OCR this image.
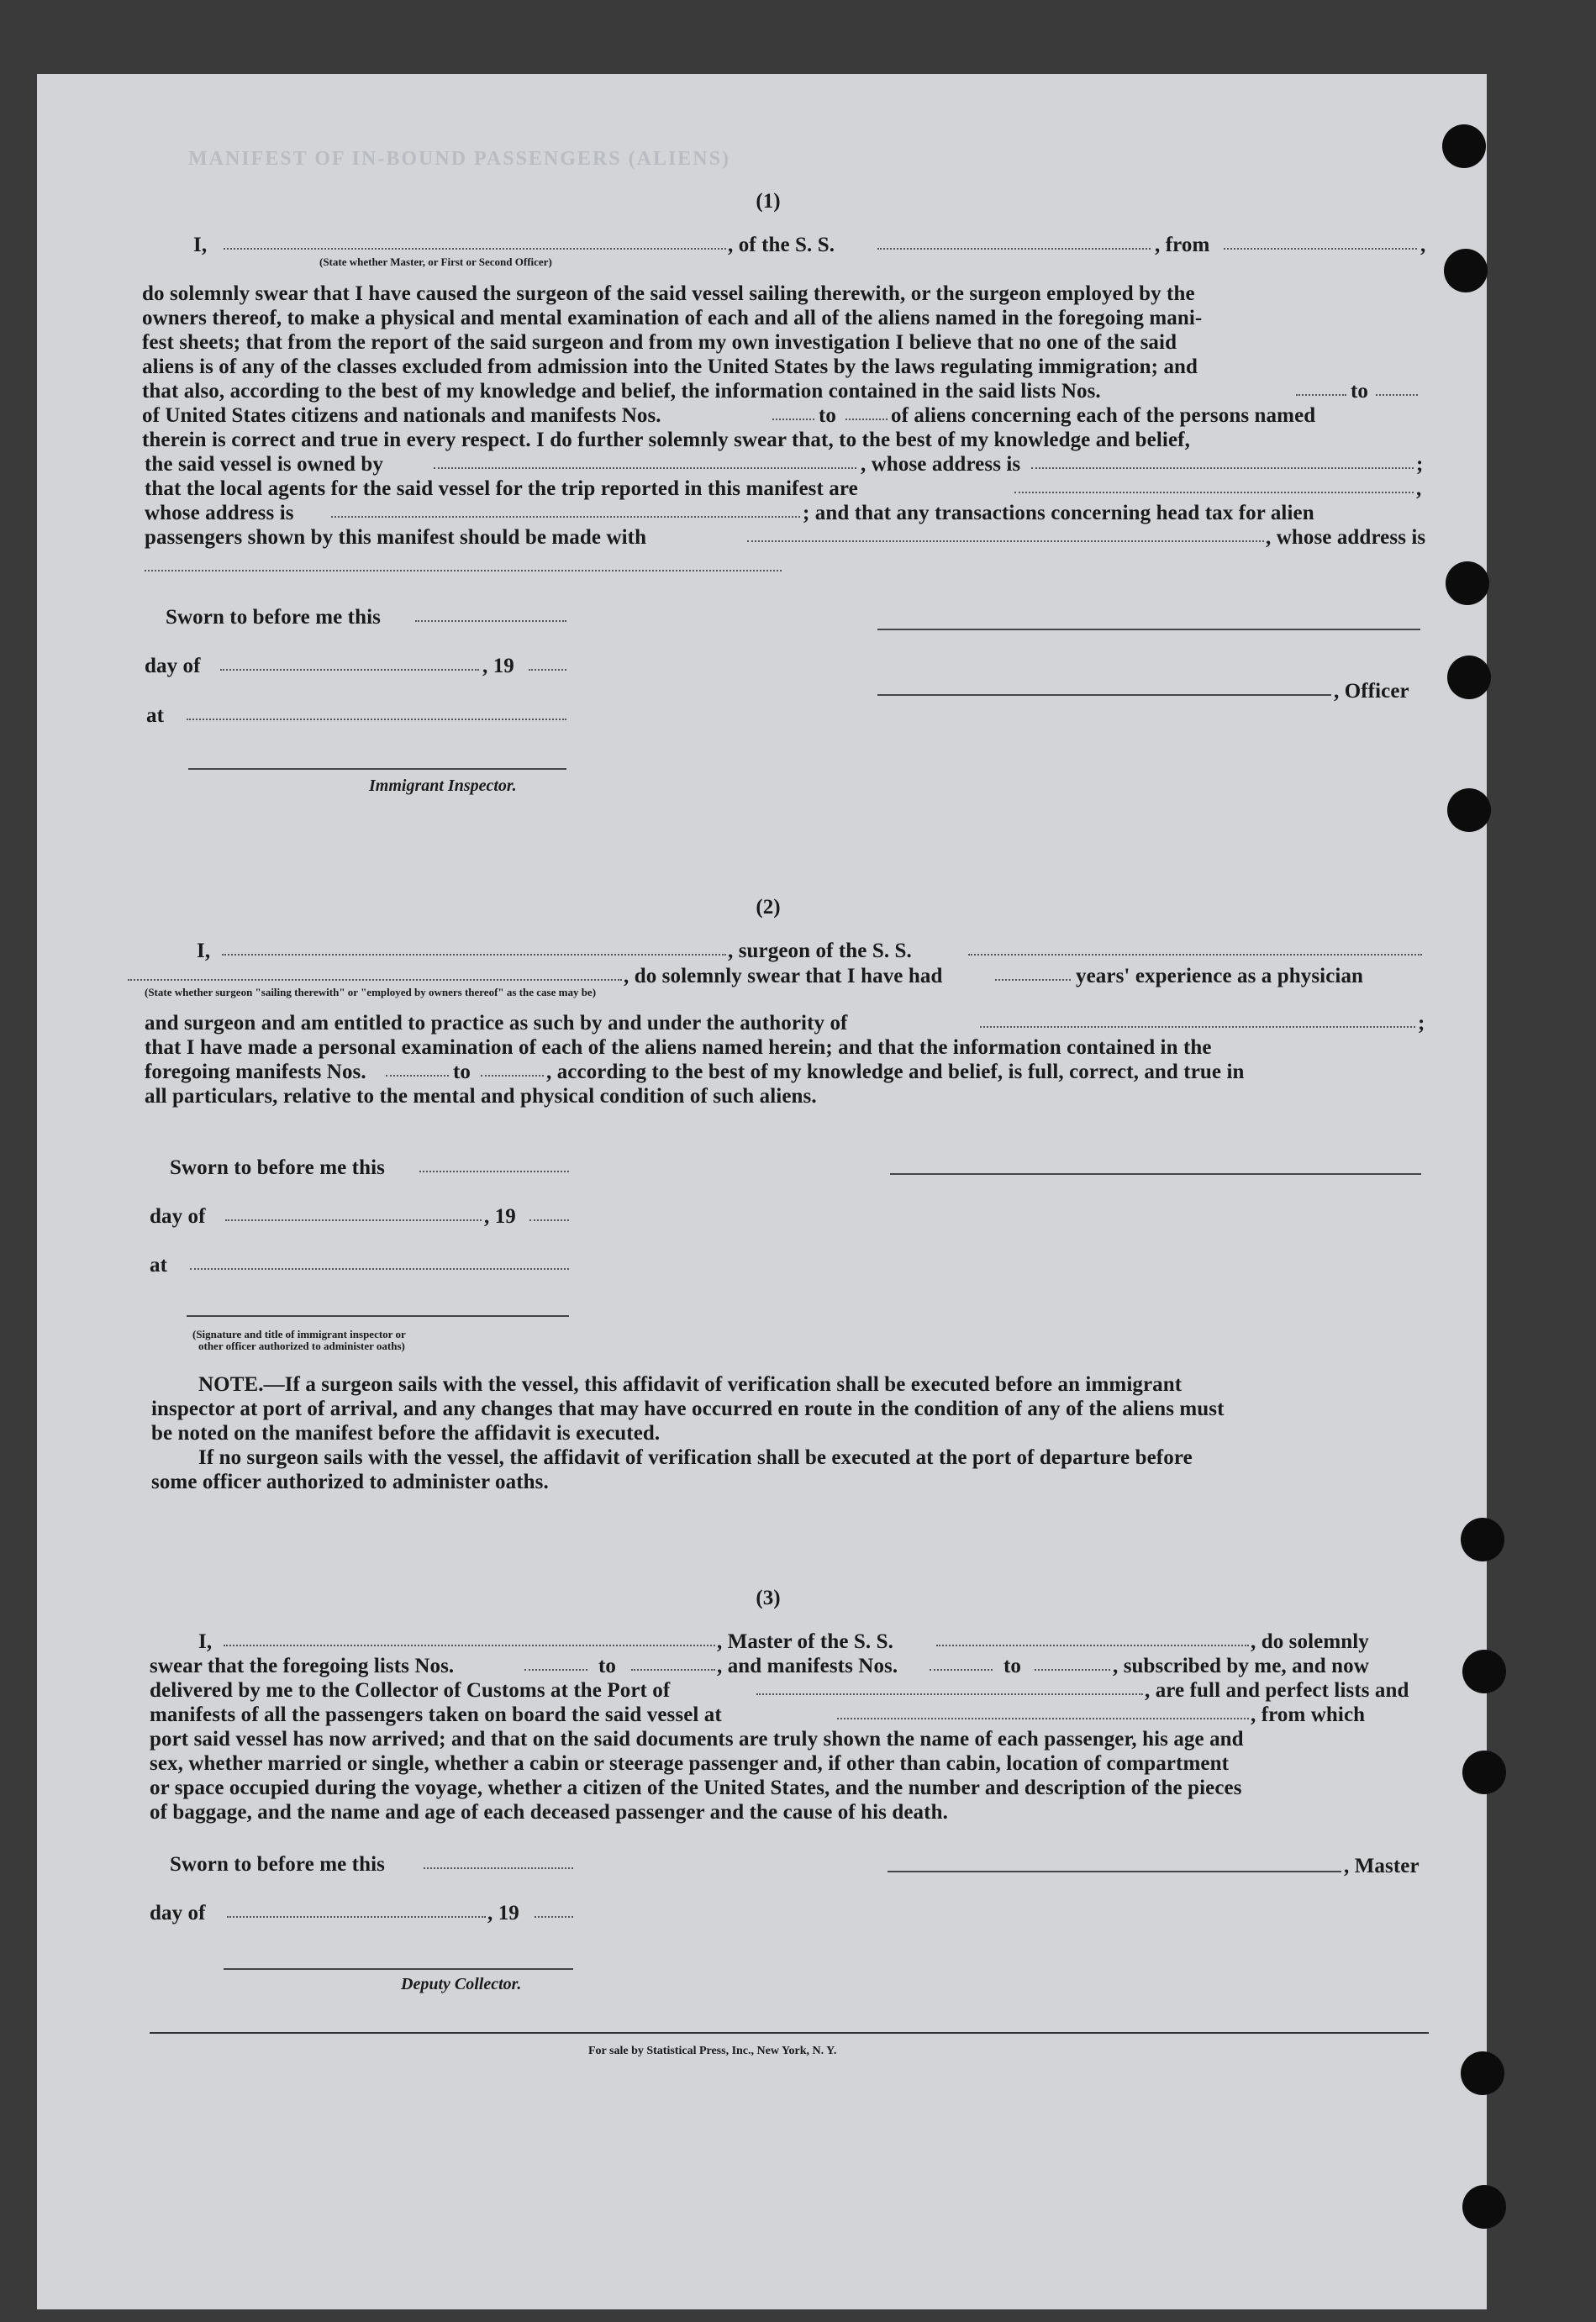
MANIFEST OF IN-BOUND PASSENGERS (ALIENS)
(1)
I,	, of the S. S.	, from	,
(State whether Master, or First or Second Officer)
do solemnly swear that I have caused the surgeon of the said vessel sailing therewith, or the surgeon employed by the
owners thereof, to make a physical and mental examination of each and all of the aliens named in the foregoing mani-
fest sheets; that from the report of the said surgeon and from my own investigation I believe that no one of the said
aliens is of any of the classes excluded from admission into the United States by the laws regulating immigration; and
that also, according to the best of my knowledge and belief, the information contained in the said lists Nos.	to
of United States citizens and nationals and manifests Nos.	to	of aliens concerning each of the persons named
therein is correct and true in every respect. I do further solemnly swear that, to the best of my knowledge and belief,
the said vessel is owned by	, whose address is	;
that the local agents for the said vessel for the trip reported in this manifest are	,
whose address is	; and that any transactions concerning head tax for alien
passengers shown by this manifest should be made with	, whose address is
Sworn to before me this
day of	, 19
, Officer
at
Immigrant Inspector.
(2)
I,	, surgeon of the S. S.
, do solemnly swear that I have had	years' experience as a physician
(State whether surgeon "sailing therewith" or "employed by owners thereof" as the case may be)
and surgeon and am entitled to practice as such by and under the authority of	;
that I have made a personal examination of each of the aliens named herein; and that the information contained in the
foregoing manifests Nos.	to	, according to the best of my knowledge and belief, is full, correct, and true in
all particulars, relative to the mental and physical condition of such aliens.
Sworn to before me this
day of	, 19
at
(Signature and title of immigrant inspector or
other officer authorized to administer oaths)
NOTE.—If a surgeon sails with the vessel, this affidavit of verification shall be executed before an immigrant
inspector at port of arrival, and any changes that may have occurred en route in the condition of any of the aliens must
be noted on the manifest before the affidavit is executed.
If no surgeon sails with the vessel, the affidavit of verification shall be executed at the port of departure before
some officer authorized to administer oaths.
(3)
I,	, Master of the S. S.	, do solemnly
swear that the foregoing lists Nos.	to	, and manifests Nos.	to	, subscribed by me, and now
delivered by me to the Collector of Customs at the Port of	, are full and perfect lists and
manifests of all the passengers taken on board the said vessel at	, from which
port said vessel has now arrived; and that on the said documents are truly shown the name of each passenger, his age and
sex, whether married or single, whether a cabin or steerage passenger and, if other than cabin, location of compartment
or space occupied during the voyage, whether a citizen of the United States, and the number and description of the pieces
of baggage, and the name and age of each deceased passenger and the cause of his death.
Sworn to before me this	, Master
day of	, 19
Deputy Collector.
For sale by Statistical Press, Inc., New York, N. Y.
